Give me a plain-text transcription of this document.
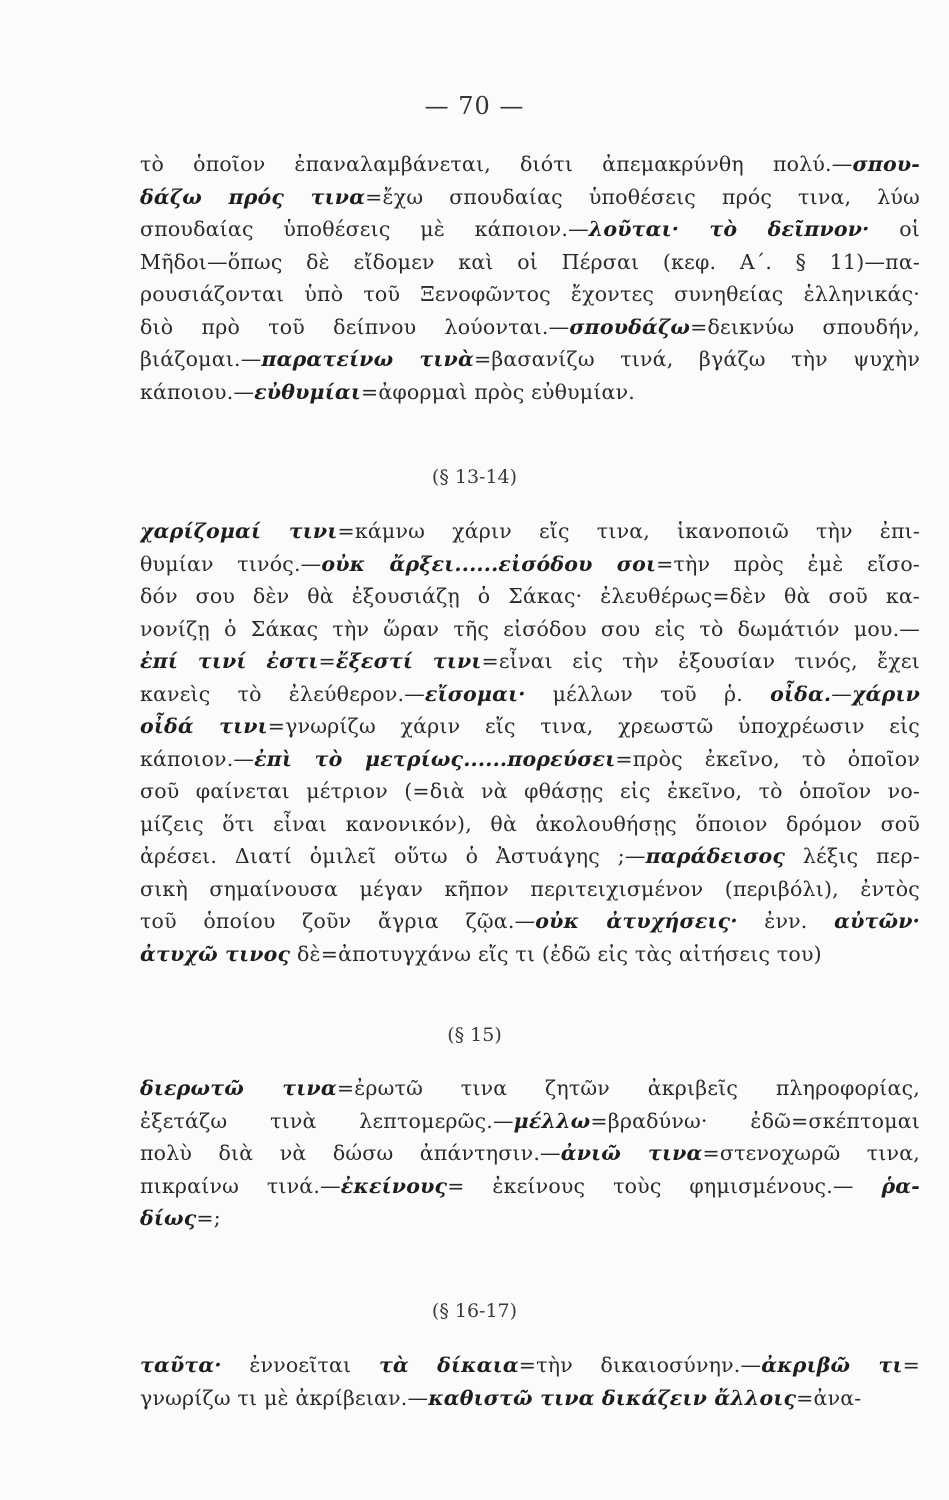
— 70 —
τὸ ὁποῖον ἐπαναλαμβάνεται, διότι ἀπεμακρύνθη πολύ.—σπου-
δάζω πρός τινα=ἔχω σπουδαίας ὑποθέσεις πρός τινα, λύω
σπουδαίας ὑποθέσεις μὲ κάποιον.—λοῦται· τὸ δεῖπνον· οἱ
Μῆδοι—ὅπως δὲ εἴδομεν καὶ οἱ Πέρσαι (κεφ. Α΄. § 11)—πα-
ρουσιάζονται ὑπὸ τοῦ Ξενοφῶντος ἔχοντες συνηθείας ἑλληνικάς·
διὸ πρὸ τοῦ δείπνου λούονται.—σπουδάζω=δεικνύω σπουδήν,
βιάζομαι.—παρατείνω τινὰ=βασανίζω τινά, βγάζω τὴν ψυχὴν
κάποιου.—εὐθυμίαι=ἀφορμαὶ πρὸς εὐθυμίαν.
(§ 13-14)
χαρίζομαί τινι=κάμνω χάριν εἴς τινα, ἱκανοποιῶ τὴν ἐπι-
θυμίαν τινός.—οὐκ ἄρξει......εἰσόδου σοι=τὴν πρὸς ἐμὲ εἴσο-
δόν σου δὲν θὰ ἐξουσιάζῃ ὁ Σάκας· ἐλευθέρως=δὲν θὰ σοῦ κα-
νονίζῃ ὁ Σάκας τὴν ὥραν τῆς εἰσόδου σου εἰς τὸ δωμάτιόν μου.—
ἐπί τινί ἐστι=ἔξεστί τινι=εἶναι εἰς τὴν ἐξουσίαν τινός, ἔχει
κανεὶς τὸ ἐλεύθερον.—εἴσομαι· μέλλων τοῦ ῥ. οἶδα.—χάριν
οἶδά τινι=γνωρίζω χάριν εἴς τινα, χρεωστῶ ὑποχρέωσιν εἰς
κάποιον.—ἐπὶ τὸ μετρίως......πορεύσει=πρὸς ἐκεῖνο, τὸ ὁποῖον
σοῦ φαίνεται μέτριον (=διὰ νὰ φθάσῃς εἰς ἐκεῖνο, τὸ ὁποῖον νο-
μίζεις ὅτι εἶναι κανονικόν), θὰ ἀκολουθήσῃς ὅποιον δρόμον σοῦ
ἀρέσει. Διατί ὁμιλεῖ οὕτω ὁ Ἀστυάγης ;—παράδεισος λέξις περ-
σικὴ σημαίνουσα μέγαν κῆπον περιτειχισμένον (περιβόλι), ἐντὸς
τοῦ ὁποίου ζοῦν ἄγρια ζῷα.—οὐκ ἀτυχήσεις· ἐνν. αὐτῶν·
ἀτυχῶ τινος δὲ=ἀποτυγχάνω εἴς τι (ἐδῶ εἰς τὰς αἰτήσεις του)
(§ 15)
διερωτῶ τινα=ἐρωτῶ τινα ζητῶν ἀκριβεῖς πληροφορίας,
ἐξετάζω τινὰ λεπτομερῶς.—μέλλω=βραδύνω· ἐδῶ=σκέπτομαι
πολὺ διὰ νὰ δώσω ἀπάντησιν.—ἀνιῶ τινα=στενοχωρῶ τινα,
πικραίνω τινά.—ἐκείνους= ἐκείνους τοὺς φημισμένους.— ῥα-
δίως=;
(§ 16-17)
ταῦτα· ἐννοεῖται τὰ δίκαια=τὴν δικαιοσύνην.—ἀκριβῶ τι=
γνωρίζω τι μὲ ἀκρίβειαν.—καθιστῶ τινα δικάζειν ἄλλοις=ἀνα-
